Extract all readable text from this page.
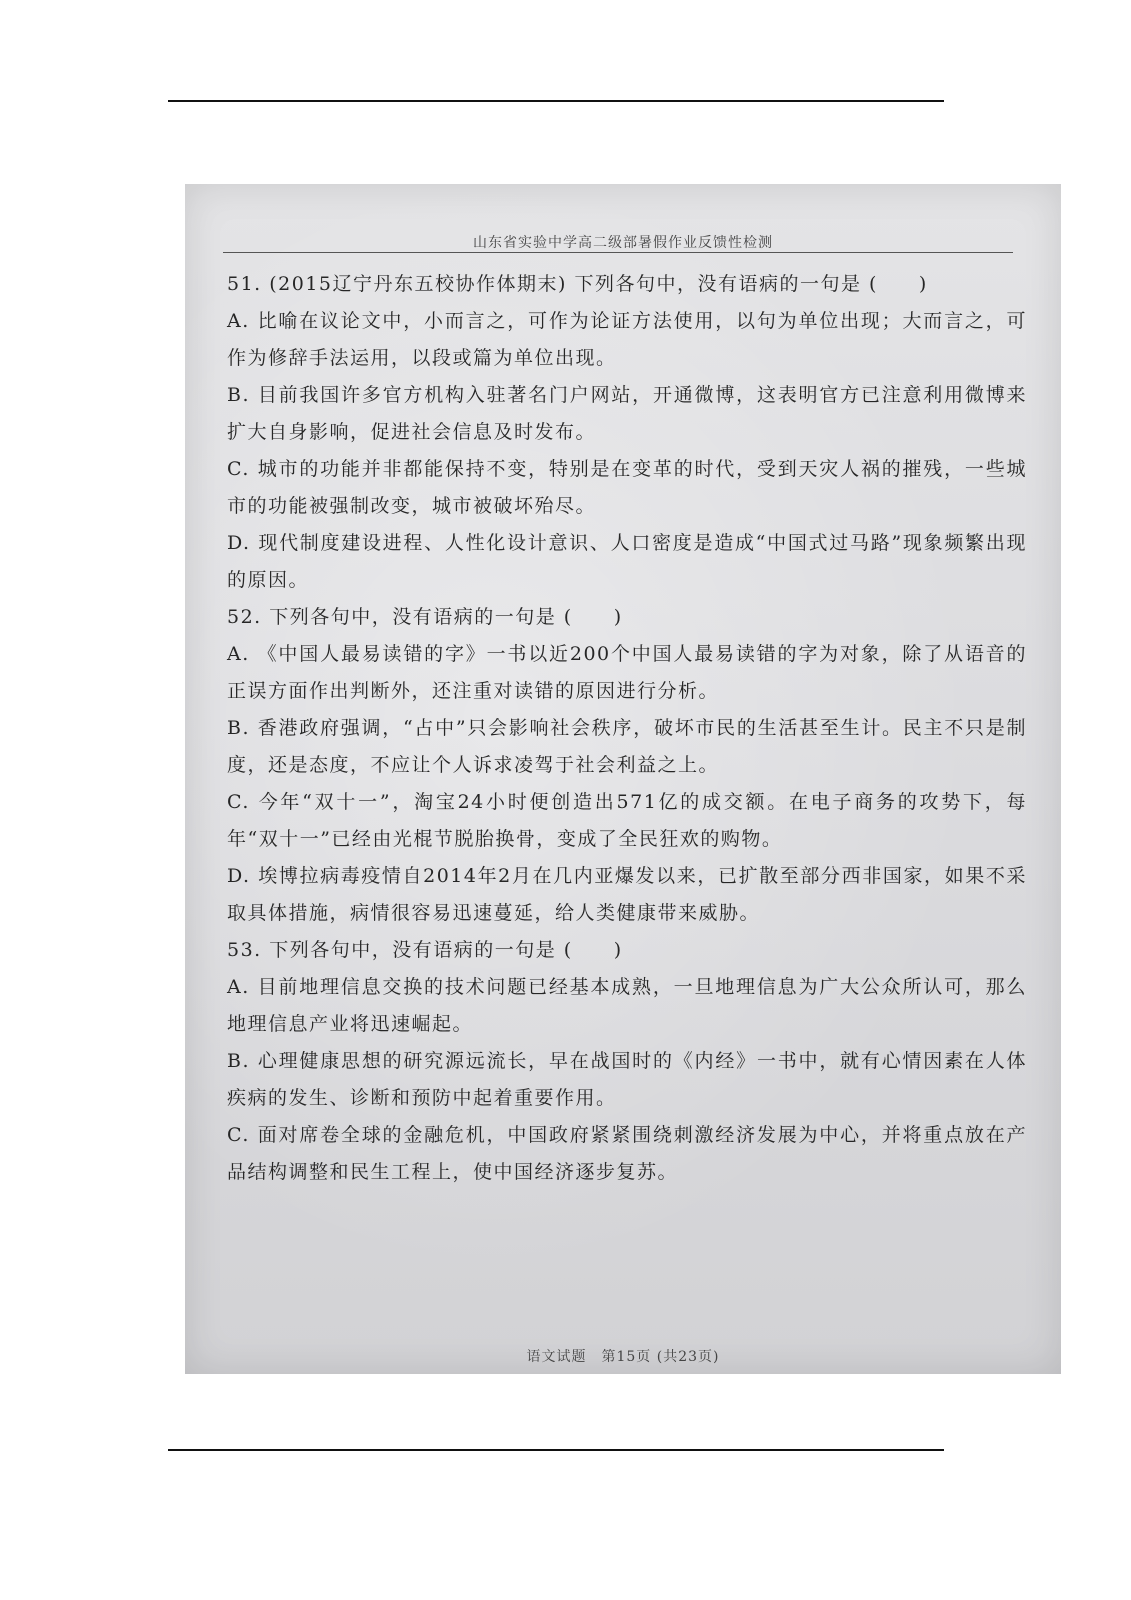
山东省实验中学高二级部暑假作业反馈性检测

51. (2015辽宁丹东五校协作体期末) 下列各句中，没有语病的一句是 (　　)

A. 比喻在议论文中，小而言之，可作为论证方法使用，以句为单位出现；大而言之，可作为修辞手法运用，以段或篇为单位出现。

B. 目前我国许多官方机构入驻著名门户网站，开通微博，这表明官方已注意利用微博来扩大自身影响，促进社会信息及时发布。

C. 城市的功能并非都能保持不变，特别是在变革的时代，受到天灾人祸的摧残，一些城市的功能被强制改变，城市被破坏殆尽。

D. 现代制度建设进程、人性化设计意识、人口密度是造成“中国式过马路”现象频繁出现的原因。

52. 下列各句中，没有语病的一句是 (　　)

A. 《中国人最易读错的字》一书以近200个中国人最易读错的字为对象，除了从语音的正误方面作出判断外，还注重对读错的原因进行分析。

B. 香港政府强调，“占中”只会影响社会秩序，破坏市民的生活甚至生计。民主不只是制度，还是态度，不应让个人诉求凌驾于社会利益之上。

C. 今年“双十一”，淘宝24小时便创造出571亿的成交额。在电子商务的攻势下，每年“双十一”已经由光棍节脱胎换骨，变成了全民狂欢的购物。

D. 埃博拉病毒疫情自2014年2月在几内亚爆发以来，已扩散至部分西非国家，如果不采取具体措施，病情很容易迅速蔓延，给人类健康带来威胁。

53. 下列各句中，没有语病的一句是 (　　)

A. 目前地理信息交换的技术问题已经基本成熟，一旦地理信息为广大公众所认可，那么地理信息产业将迅速崛起。

B. 心理健康思想的研究源远流长，早在战国时的《内经》一书中，就有心情因素在人体疾病的发生、诊断和预防中起着重要作用。

C. 面对席卷全球的金融危机，中国政府紧紧围绕刺激经济发展为中心，并将重点放在产品结构调整和民生工程上，使中国经济逐步复苏。

语文试题　第15页 (共23页)
